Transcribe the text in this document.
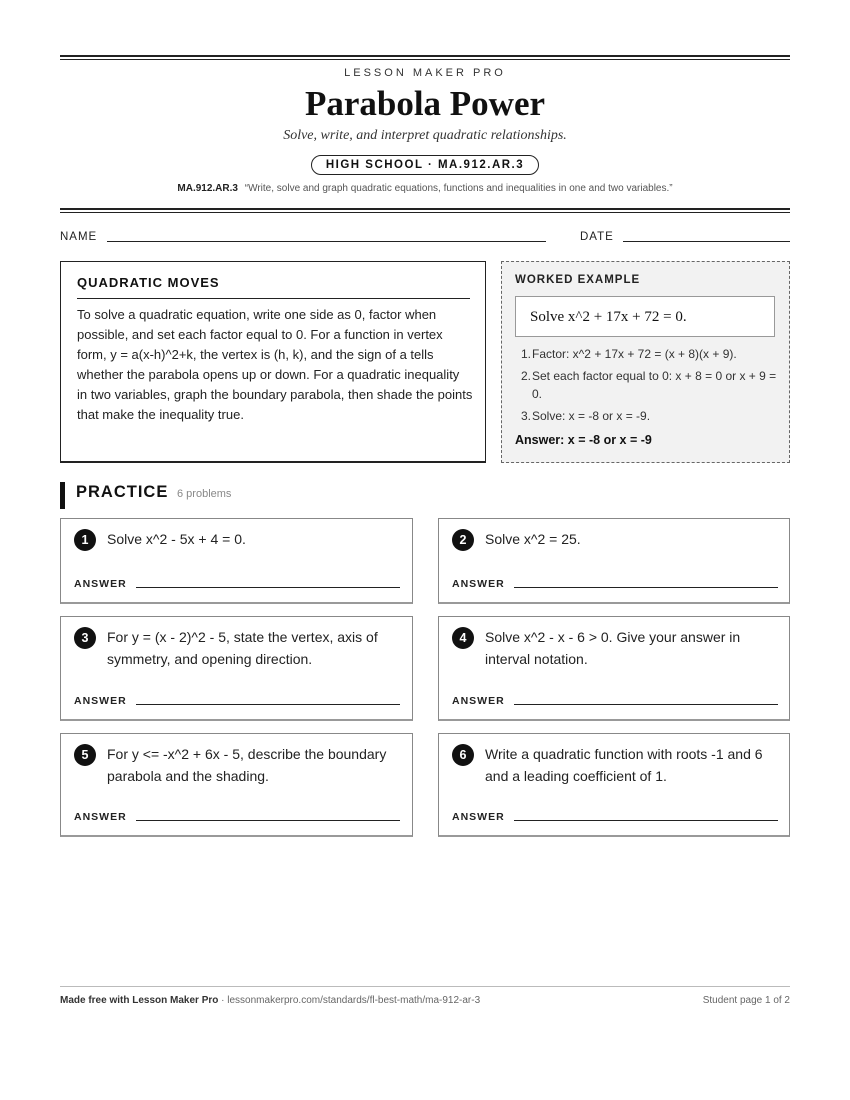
LESSON MAKER PRO
Parabola Power
Solve, write, and interpret quadratic relationships.
HIGH SCHOOL · MA.912.AR.3
MA.912.AR.3 “Write, solve and graph quadratic equations, functions and inequalities in one and two variables.”
NAME	DATE
QUADRATIC MOVES
To solve a quadratic equation, write one side as 0, factor when possible, and set each factor equal to 0. For a function in vertex form, y = a(x-h)^2+k, the vertex is (h, k), and the sign of a tells whether the parabola opens up or down. For a quadratic inequality in two variables, graph the boundary parabola, then shade the points that make the inequality true.
WORKED EXAMPLE
Solve x^2 + 17x + 72 = 0.
1. Factor: x^2 + 17x + 72 = (x + 8)(x + 9).
2. Set each factor equal to 0: x + 8 = 0 or x + 9 = 0.
3. Solve: x = -8 or x = -9.
Answer: x = -8 or x = -9
PRACTICE 6 problems
1	Solve x^2 - 5x + 4 = 0.
ANSWER
2	Solve x^2 = 25.
ANSWER
3	For y = (x - 2)^2 - 5, state the vertex, axis of symmetry, and opening direction.
ANSWER
4	Solve x^2 - x - 6 > 0. Give your answer in interval notation.
ANSWER
5	For y <= -x^2 + 6x - 5, describe the boundary parabola and the shading.
ANSWER
6	Write a quadratic function with roots -1 and 6 and a leading coefficient of 1.
ANSWER
Made free with Lesson Maker Pro · lessonmakerpro.com/standards/fl-best-math/ma-912-ar-3	Student page 1 of 2
